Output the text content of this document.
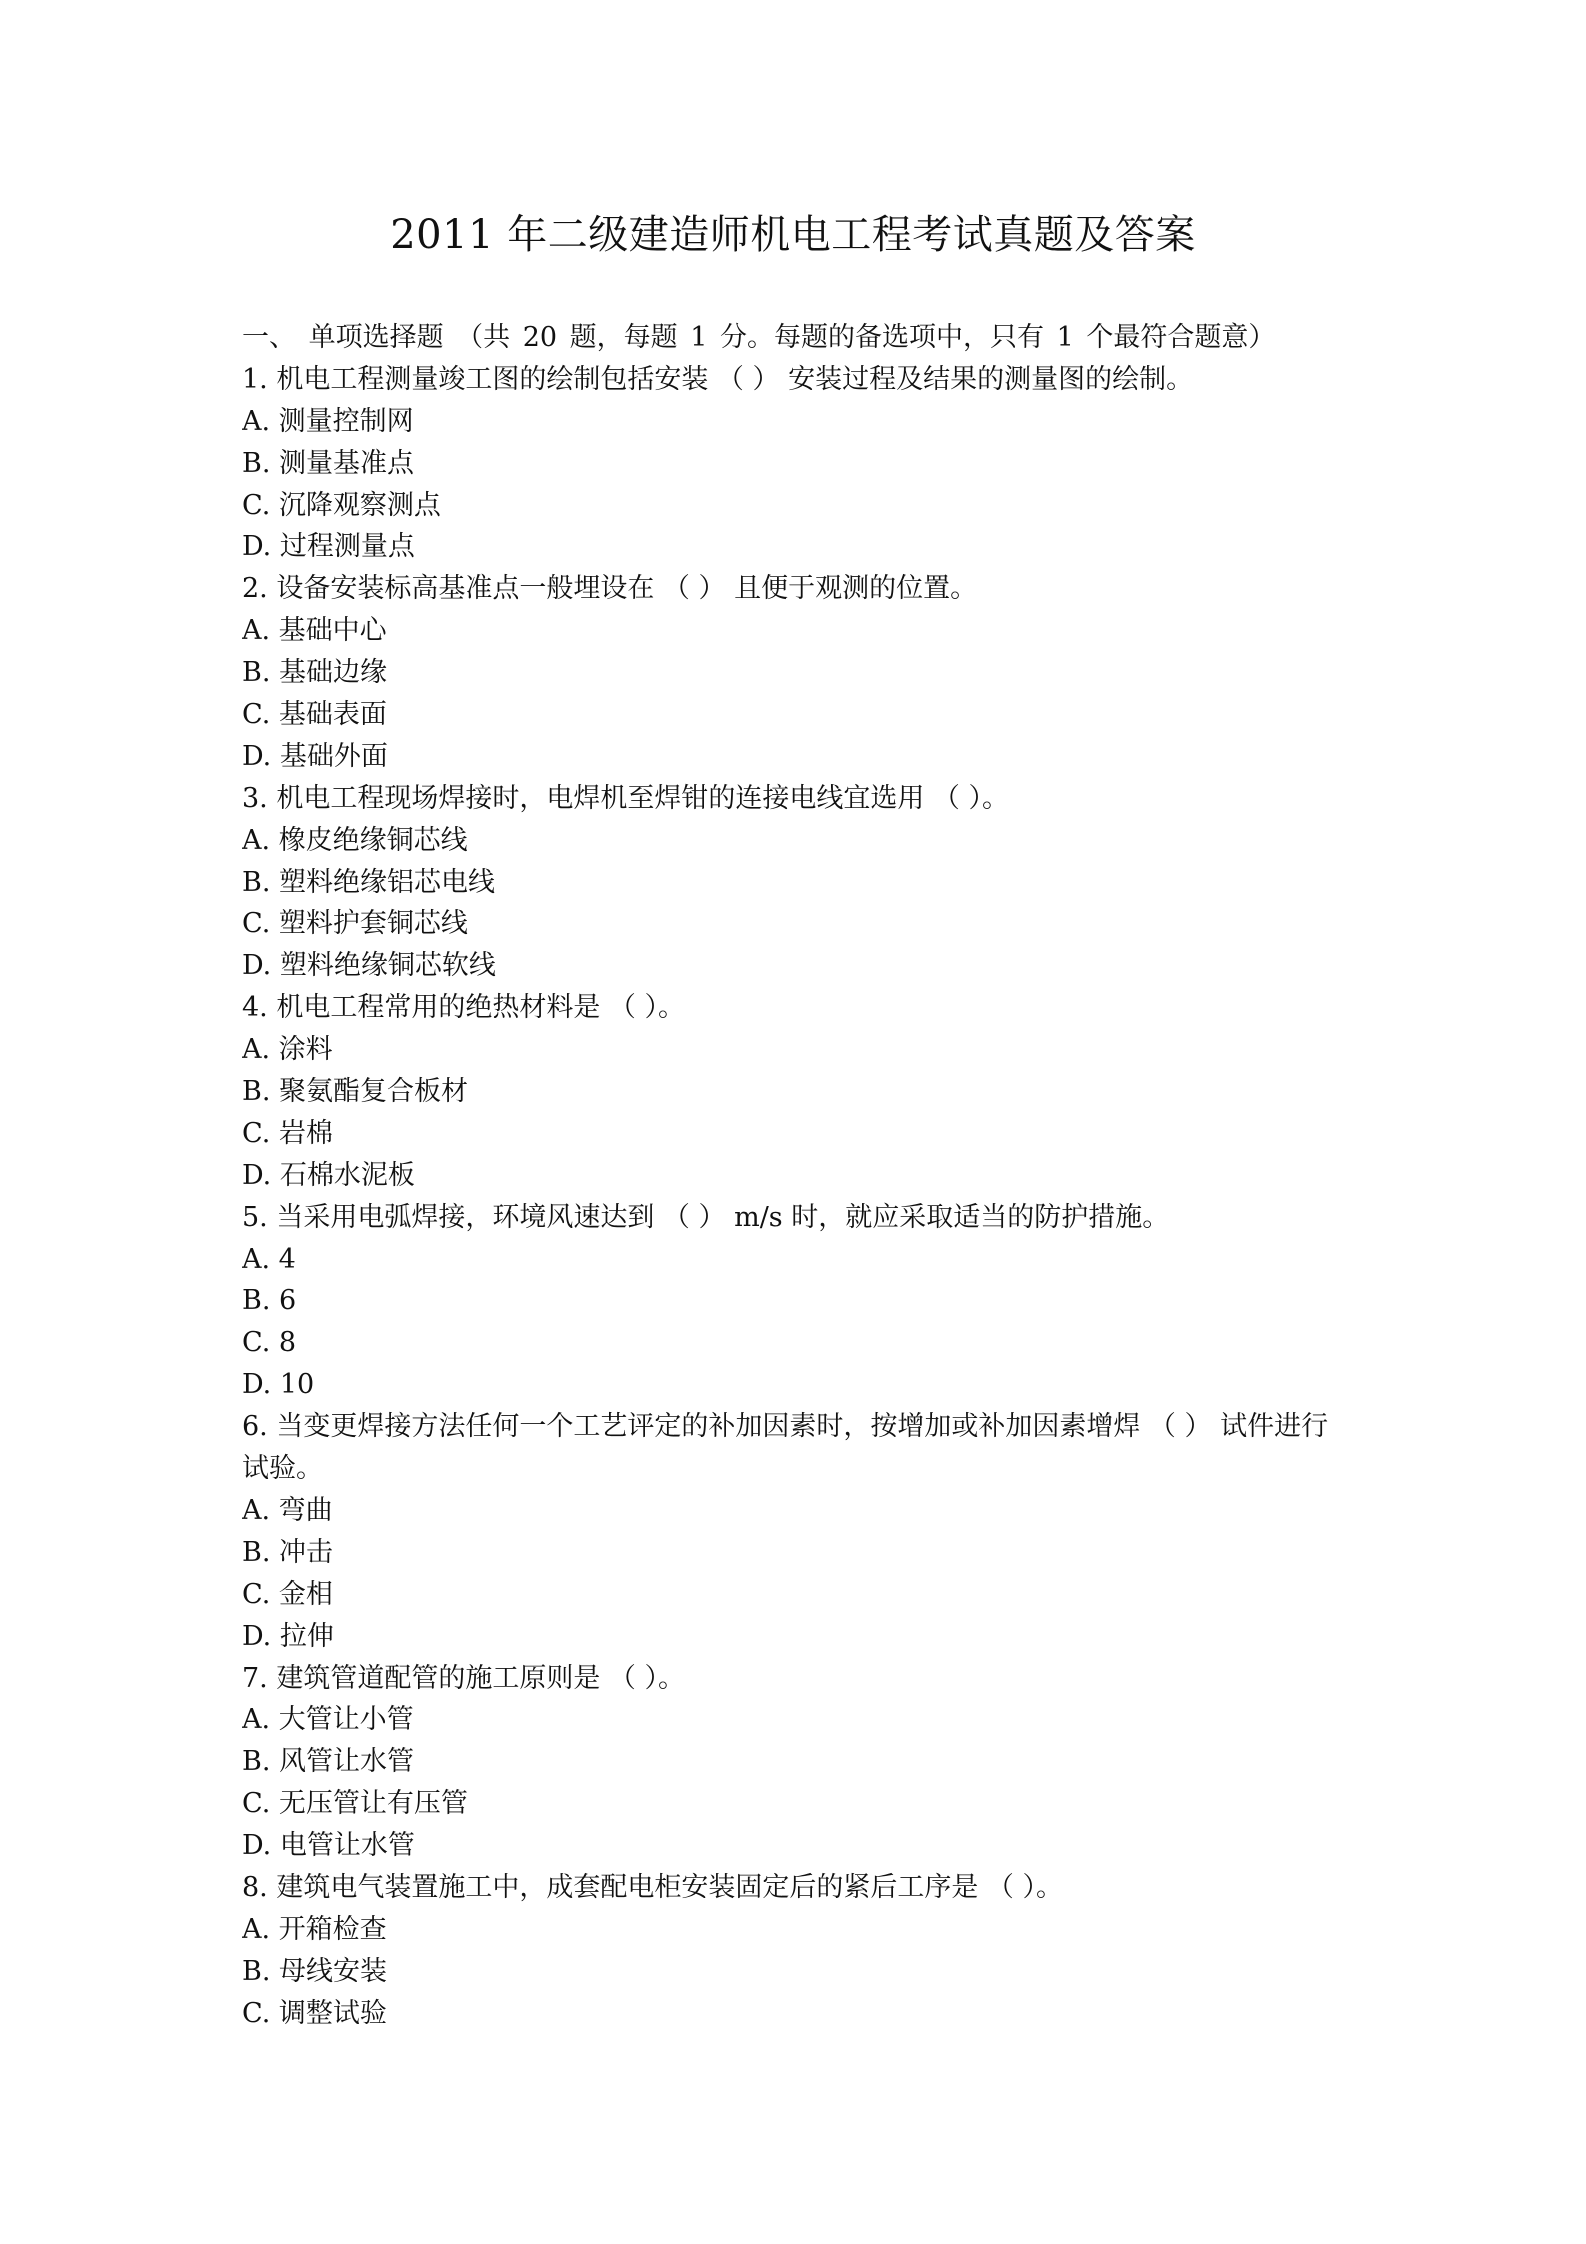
2011 年二级建造师机电工程考试真题及答案
一、 单项选择题 （共 20 题，每题 1 分。每题的备选项中，只有 1 个最符合题意）
1. 机电工程测量竣工图的绘制包括安装 （ ） 安装过程及结果的测量图的绘制。
A. 测量控制网
B. 测量基准点
C. 沉降观察测点
D. 过程测量点
2. 设备安装标高基准点一般埋设在 （ ） 且便于观测的位置。
A. 基础中心
B. 基础边缘
C. 基础表面
D. 基础外面
3. 机电工程现场焊接时，电焊机至焊钳的连接电线宜选用 （ ）。
A. 橡皮绝缘铜芯线
B. 塑料绝缘铝芯电线
C. 塑料护套铜芯线
D. 塑料绝缘铜芯软线
4. 机电工程常用的绝热材料是 （ ）。
A. 涂料
B. 聚氨酯复合板材
C. 岩棉
D. 石棉水泥板
5. 当采用电弧焊接，环境风速达到 （ ） m/s 时，就应采取适当的防护措施。
A. 4
B. 6
C. 8
D. 10
6. 当变更焊接方法任何一个工艺评定的补加因素时，按增加或补加因素增焊 （ ） 试件进行
试验。
A. 弯曲
B. 冲击
C. 金相
D. 拉伸
7. 建筑管道配管的施工原则是 （ ）。
A. 大管让小管
B. 风管让水管
C. 无压管让有压管
D. 电管让水管
8. 建筑电气装置施工中，成套配电柜安装固定后的紧后工序是 （ ）。
A. 开箱检查
B. 母线安装
C. 调整试验
